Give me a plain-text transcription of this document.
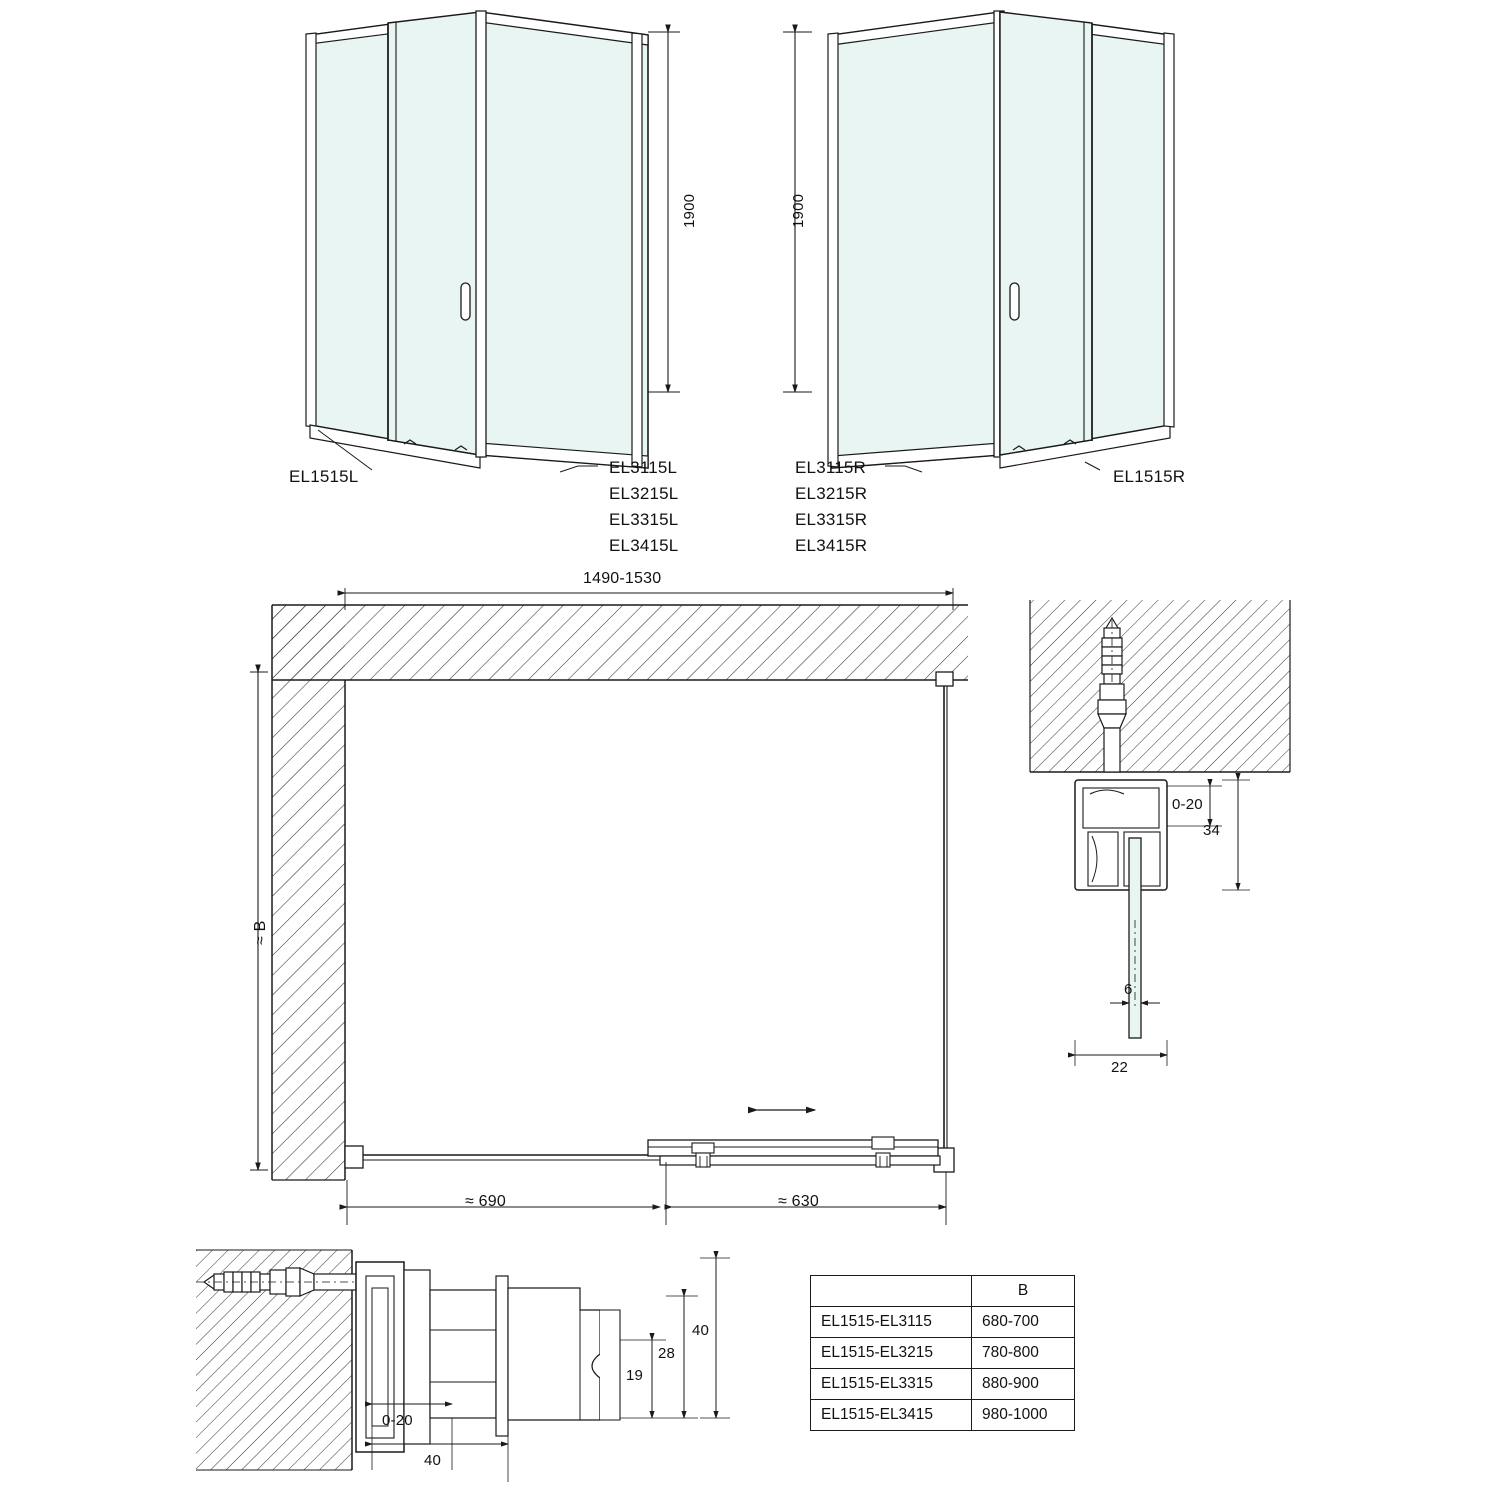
EL1515L	EL3115L
EL3215L
EL3315L
EL3415L
1900
EL3115R
EL3215R
EL3315R
EL3415R
EL1515R
1900
1490-1530
≈ B
≈ 690	≈ 630
0-20
34
6
22
19
28
40
0-20
40
	B
EL1515-EL3115	680-700
EL1515-EL3215	780-800
EL1515-EL3315	880-900
EL1515-EL3415	980-1000
